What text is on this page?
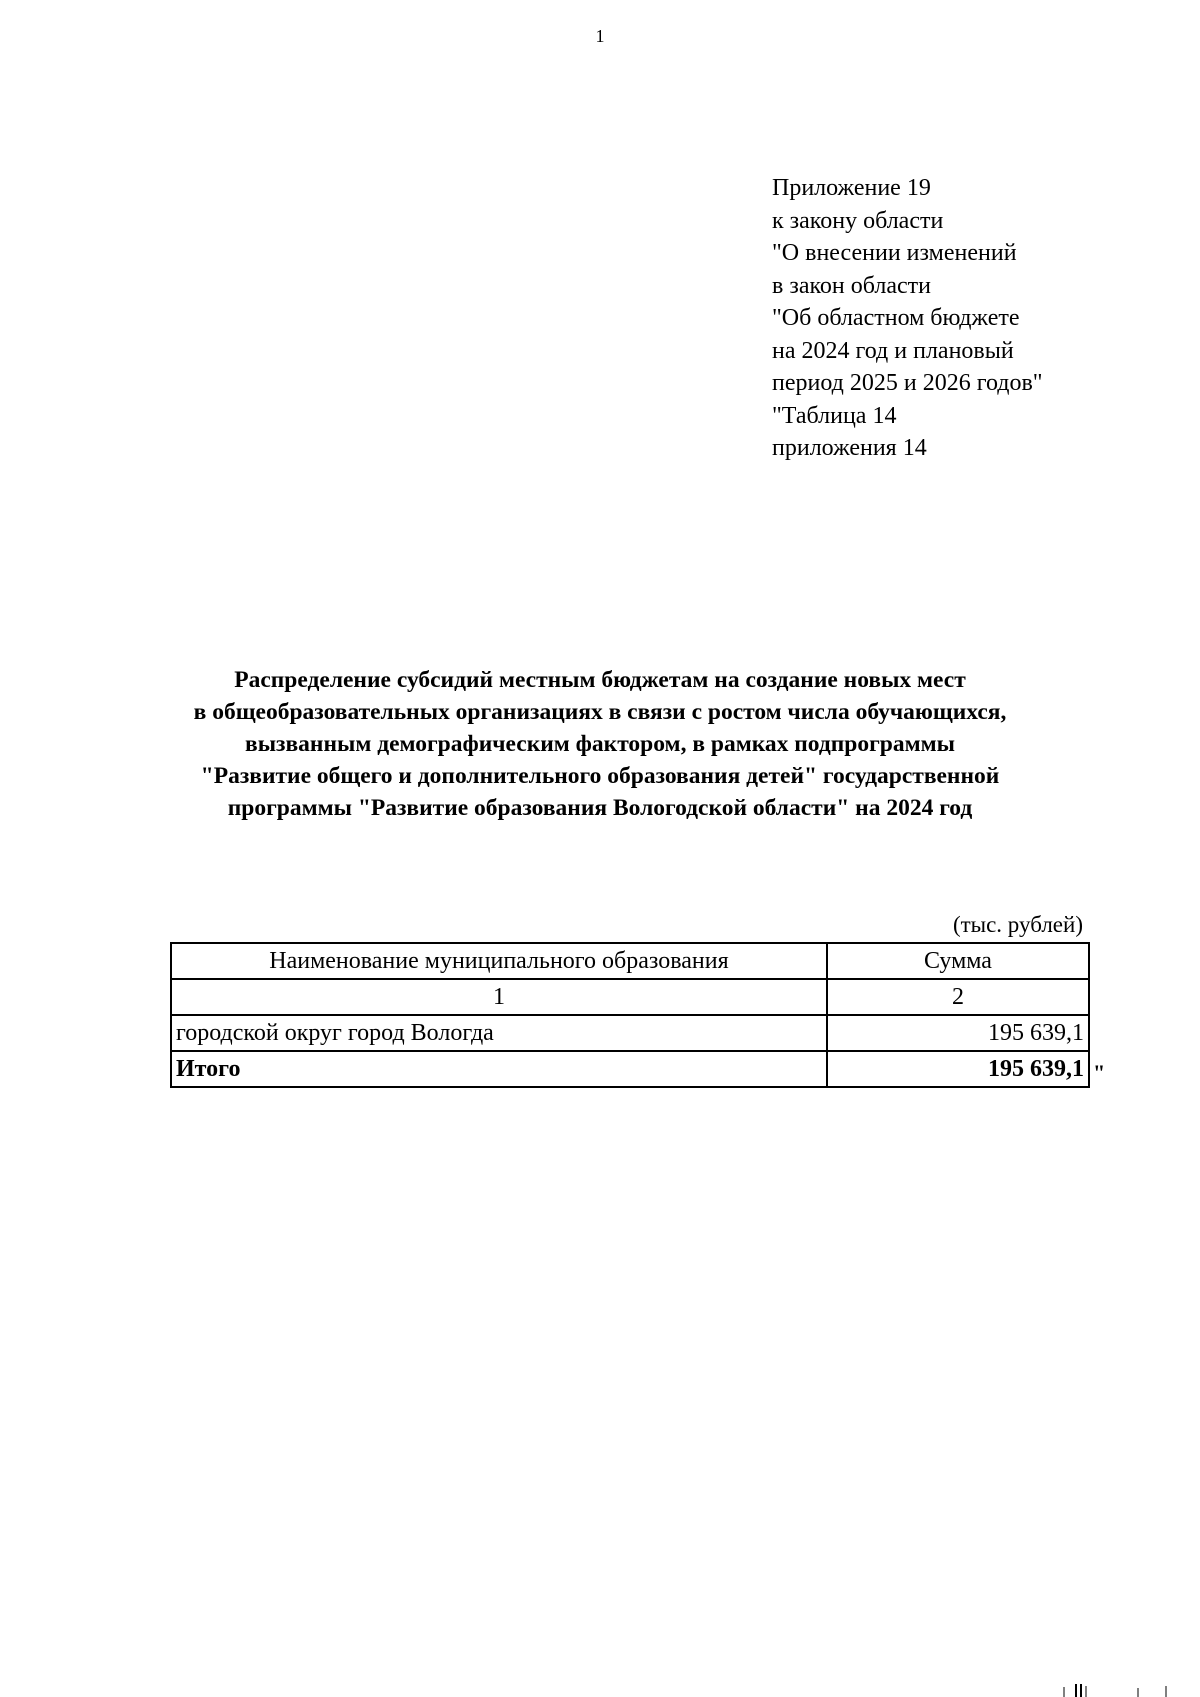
1
Приложение 19
к закону области
"О внесении изменений
в закон области
"Об областном бюджете
на 2024 год и плановый
период 2025 и 2026 годов"
"Таблица 14
приложения 14
Распределение субсидий местным бюджетам на создание новых мест
в общеобразовательных организациях в связи с ростом числа обучающихся,
вызванным демографическим фактором, в рамках подпрограммы
"Развитие общего и дополнительного образования детей" государственной
программы "Развитие образования Вологодской области" на 2024 год
(тыс. рублей)
Наименование муниципального образования	Сумма
1	2
городской округ город Вологда	195 639,1
Итого	195 639,1 "
